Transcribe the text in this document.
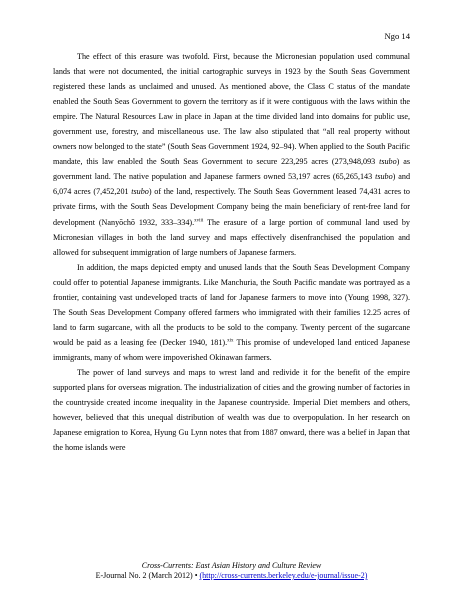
Ngo 14

The effect of this erasure was twofold. First, because the Micronesian population used communal lands that were not documented, the initial cartographic surveys in 1923 by the South Seas Government registered these lands as unclaimed and unused. As mentioned above, the Class C status of the mandate enabled the South Seas Government to govern the territory as if it were contiguous with the laws within the empire. The Natural Resources Law in place in Japan at the time divided land into domains for public use, government use, forestry, and miscellaneous use. The law also stipulated that “all real property without owners now belonged to the state” (South Seas Government 1924, 92–94). When applied to the South Pacific mandate, this law enabled the South Seas Government to secure 223,295 acres (273,948,093 tsubo) as government land. The native population and Japanese farmers owned 53,197 acres (65,265,143 tsubo) and 6,074 acres (7,452,201 tsubo) of the land, respectively. The South Seas Government leased 74,431 acres to private firms, with the South Seas Development Company being the main beneficiary of rent-free land for development (Nanyōchō 1932, 333–334).$^{xviii}$ The erasure of a large portion of communal land used by Micronesian villages in both the land survey and maps effectively disenfranchised the population and allowed for subsequent immigration of large numbers of Japanese farmers.

In addition, the maps depicted empty and unused lands that the South Seas Development Company could offer to potential Japanese immigrants. Like Manchuria, the South Pacific mandate was portrayed as a frontier, containing vast undeveloped tracts of land for Japanese farmers to move into (Young 1998, 327). The South Seas Development Company offered farmers who immigrated with their families 12.25 acres of land to farm sugarcane, with all the products to be sold to the company. Twenty percent of the sugarcane would be paid as a leasing fee (Decker 1940, 181).$^{xix}$ This promise of undeveloped land enticed Japanese immigrants, many of whom were impoverished Okinawan farmers.

The power of land surveys and maps to wrest land and redivide it for the benefit of the empire supported plans for overseas migration. The industrialization of cities and the growing number of factories in the countryside created income inequality in the Japanese countryside. Imperial Diet members and others, however, believed that this unequal distribution of wealth was due to overpopulation. In her research on Japanese emigration to Korea, Hyung Gu Lynn notes that from 1887 onward, there was a belief in Japan that the home islands were

Cross-Currents: East Asian History and Culture Review
E-Journal No. 2 (March 2012) • (http://cross-currents.berkeley.edu/e-journal/issue-2)
